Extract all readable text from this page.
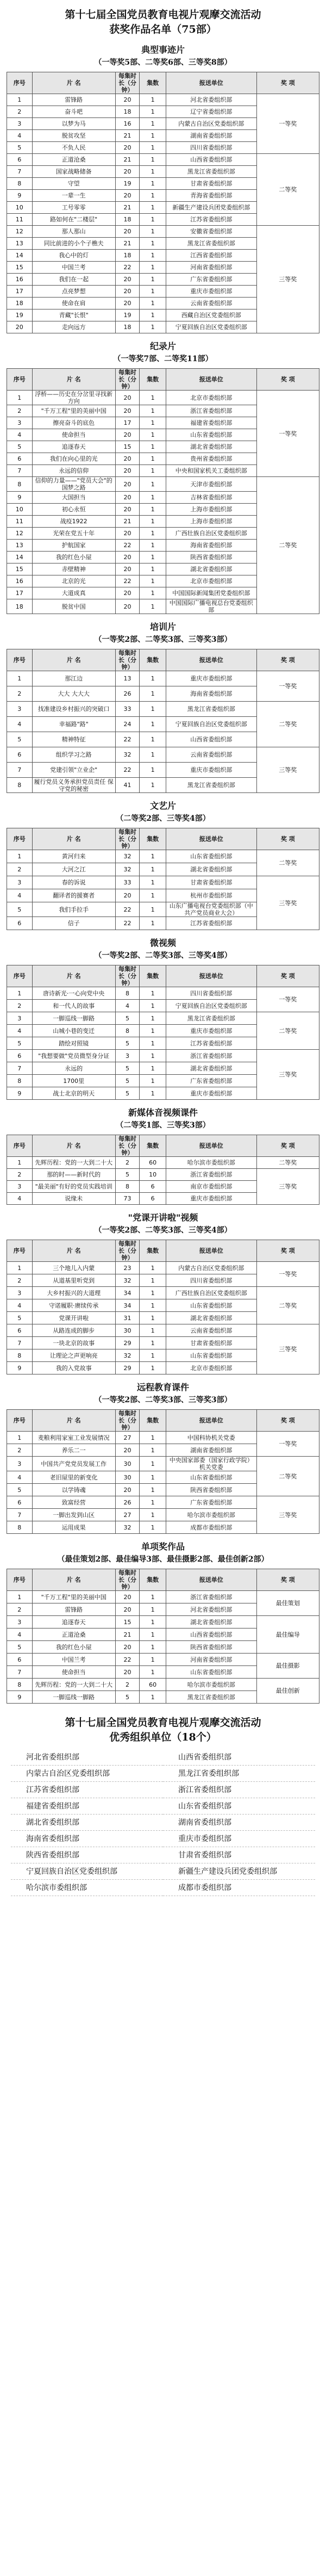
第十七届全国党员教育电视片观摩交流活动
获奖作品名单（75部）
典型事迹片
（一等奖5部、二等奖6部、三等奖8部）
序号	片 名	每集时长（分钟）	集数	报送单位	奖 项
1	雷锋路	20	1	河北省委组织部	一等奖
2	奋斗吧	18	1	辽宁省委组织部	
3	以梦为马	16	1	内蒙古自治区党委组织部	
4	脱贫攻坚	21	1	湖南省委组织部	
5	不负人民	20	1	四川省委组织部	
6	正道沧桑	21	1	山西省委组织部	二等奖
7	国家战略储备	20	1	黑龙江省委组织部	
8	守望	19	1	甘肃省委组织部	
9	一辈一生	20	1	青海省委组织部	
10	工号零零	21	1	新疆生产建设兵团党委组织部	
11	路如何在"二楼层"	18	1	江苏省委组织部	
12	那人那山	20	1	安徽省委组织部	三等奖
13	同比前进的小个子樵夫	21	1	黑龙江省委组织部	
14	我心中的灯	18	1	江西省委组织部	
15	中国兰考	22	1	河南省委组织部	
16	我们在一起	20	1	广东省委组织部	
17	点亮梦想	20	1	重庆市委组织部	
18	使命在肩	20	1	云南省委组织部	
19	青藏"长恨"	19	1	西藏自治区党委组织部	
20	走向远方	18	1	宁夏回族自治区党委组织部	
纪录片
（一等奖7部、二等奖11部）
序号	片 名	每集时长（分钟）	集数	报送单位	奖 项
1	浮桥——历史在分岔里寻找新方向	20	1	北京市委组织部	一等奖
2	"千万工程"里的美丽中国	20	1	浙江省委组织部	
3	擦亮奋斗的底色	17	1	福建省委组织部	
4	使命担当	20	1	山东省委组织部	
5	追逐春天	15	1	湖北省委组织部	
6	我们在向心里的光	20	1	贵州省委组织部	
7	永远的信仰	20	1	中央和国家机关工委组织部	
8	信仰的力量——"党员大会"的国梦之路	20	1	天津市委组织部	二等奖
9	大国担当	20	1	吉林省委组织部	
10	初心永恒	20	1	上海市委组织部	
11	战疫1922	21	1	上海市委组织部	
12	光荣在党五十年	20	1	广西壮族自治区党委组织部	
13	护航国家	22	1	海南省委组织部	
14	我的红色小屋	20	1	陕西省委组织部	
15	赤壁精神	20	1	湖北省委组织部	
16	北京的光	22	1	北京市委组织部	
17	大道成真	20	1	中国国际新闻集团党委组织部	
18	脱贫中国	20	1	中国国际广播电视总台党委组织部	
培训片
（一等奖2部、二等奖3部、三等奖3部）
序号	片 名	每集时长（分钟）	集数	报送单位	奖 项
1	那江边	13	1	重庆市委组织部	一等奖
2	大大 大大大	26	1	海南省委组织部	
3	找准建设乡村振兴的突破口	33	1	黑龙江省委组织部	二等奖
4	幸福路"路"	24	1	宁夏回族自治区党委组织部	
5	精神特征	22	1	山西省委组织部	
6	组织学习之路	32	1	云南省委组织部	三等奖
7	党建引领"立业企"	22	1	重庆市委组织部	
8	履行党员义务承担党员责任 保守党的秘密	41	1	黑龙江省委组织部	
文艺片
（二等奖2部、三等奖4部）
序号	片 名	每集时长（分钟）	集数	报送单位	奖 项
1	黄河归来	32	1	山东省委组织部	二等奖
2	大河之江	32	1	湖北省委组织部	
3	春的诉说	33	1	甘肃省委组织部	三等奖
4	翻译者的援赛者	20	1	杭州市委组织部	
5	我们手拉手	22	1	山东广播电视台党委组织部（中共产党员商业大会）	
6	信子	22	1	江苏省委组织部	
微视频
（一等奖2部、二等奖3部、三等奖4部）
序号	片 名	每集时长（分钟）	集数	报送单位	奖 项
1	唐诗新光·一心向党中央	8	1	四川省委组织部	一等奖
2	和一代人的故事	4	1	宁夏回族自治区党委组织部	
3	一脚巡线一脚路	5	1	黑龙江省委组织部	二等奖
4	山城小巷的变迁	8	1	重庆市委组织部	
5	踏绘对照镜	5	1	江苏省委组织部	
6	"我想要做"党员微型身分证	3	1	浙江省委组织部	三等奖
7	永远的	5	1	湖北省委组织部	
8	1700里	5	1	广东省委组织部	
9	战士北京的明天	5	1	重庆市委组织部	
新媒体音视频课件
（二等奖1部、三等奖3部）
序号	片 名	每集时长（分钟）	集数	报送单位	奖 项
1	先辉历程：党的一大到二十大	2	60	哈尔滨市委组织部	二等奖
2	那的时——新时代的	5	10	浙江省委组织部	三等奖
3	"最美丽"有好的党员实践培训	8	6	南京市委组织部	
4	说缘未	73	6	重庆市委组织部	
"党课开讲啦"视频
（一等奖2部、二等奖3部、三等奖4部）
序号	片 名	每集时长（分钟）	集数	报送单位	奖 项
1	三个地儿入内蒙	23	1	内蒙古自治区党委组织部	一等奖
2	从道基里听党到	32	1	四川省委组织部	
3	大乡村振兴的大道理	34	1	广西壮族自治区党委组织部	二等奖
4	守诺履职·赓续传承	34	1	山东省委组织部	
5	党课开讲啦	31	1	湖北省委组织部	
6	从路连成的脚步	30	1	云南省委组织部	三等奖
7	一块北京的故事	29	1	甘肃省委组织部	
8	让理论之声更响亮	32	1	山东省委组织部	
9	我的入党故事	29	1	北京市委组织部	
远程教育课件
（一等奖2部、二等奖3部、三等奖3部）
序号	片 名	每集时长（分钟）	集数	报送单位	奖 项
1	麦粮利用家室工业发展情况	27	1	中国科协机关党委	一等奖
2	养乐二一	20	1	湖南省委组织部	
3	中国共产党党员发展工作	30	1	中央国家部委（国家行政学院）机关党委	二等奖
4	老旧屋里的新变化	30	1	山东省委组织部	
5	以学铸魂	20	1	陕西省委组织部	
6	致富经营	26	1	广东省委组织部	三等奖
7	一脚出发到山区	27	1	哈尔滨市委组织部	
8	运用成果	32	1	成都市委组织部	
单项奖作品
（最佳策划2部、最佳编导3部、最佳摄影2部、最佳创新2部）
序号	片 名	每集时长（分钟）	集数	报送单位	奖 项
1	"千万工程"里的美丽中国	20	1	浙江省委组织部	最佳策划
2	雷锋路	20	1	河北省委组织部	
3	追逐春天	15	1	湖北省委组织部	最佳编导
4	正道沧桑	21	1	山西省委组织部	
5	我的红色小屋	20	1	陕西省委组织部	
6	中国兰考	22	1	河南省委组织部	最佳摄影
7	使命担当	20	1	山东省委组织部	
8	先辉历程：党的一大到二十大	2	60	哈尔滨市委组织部	最佳创新
9	一脚巡线一脚路	5	1	黑龙江省委组织部	
第十七届全国党员教育电视片观摩交流活动
优秀组织单位（18个）
河北省委组织部	山西省委组织部
内蒙古自治区党委组织部	黑龙江省委组织部
江苏省委组织部	浙江省委组织部
福建省委组织部	山东省委组织部
湖北省委组织部	湖南省委组织部
海南省委组织部	重庆市委组织部
陕西省委组织部	甘肃省委组织部
宁夏回族自治区党委组织部	新疆生产建设兵团党委组织部
哈尔滨市委组织部	成都市委组织部
